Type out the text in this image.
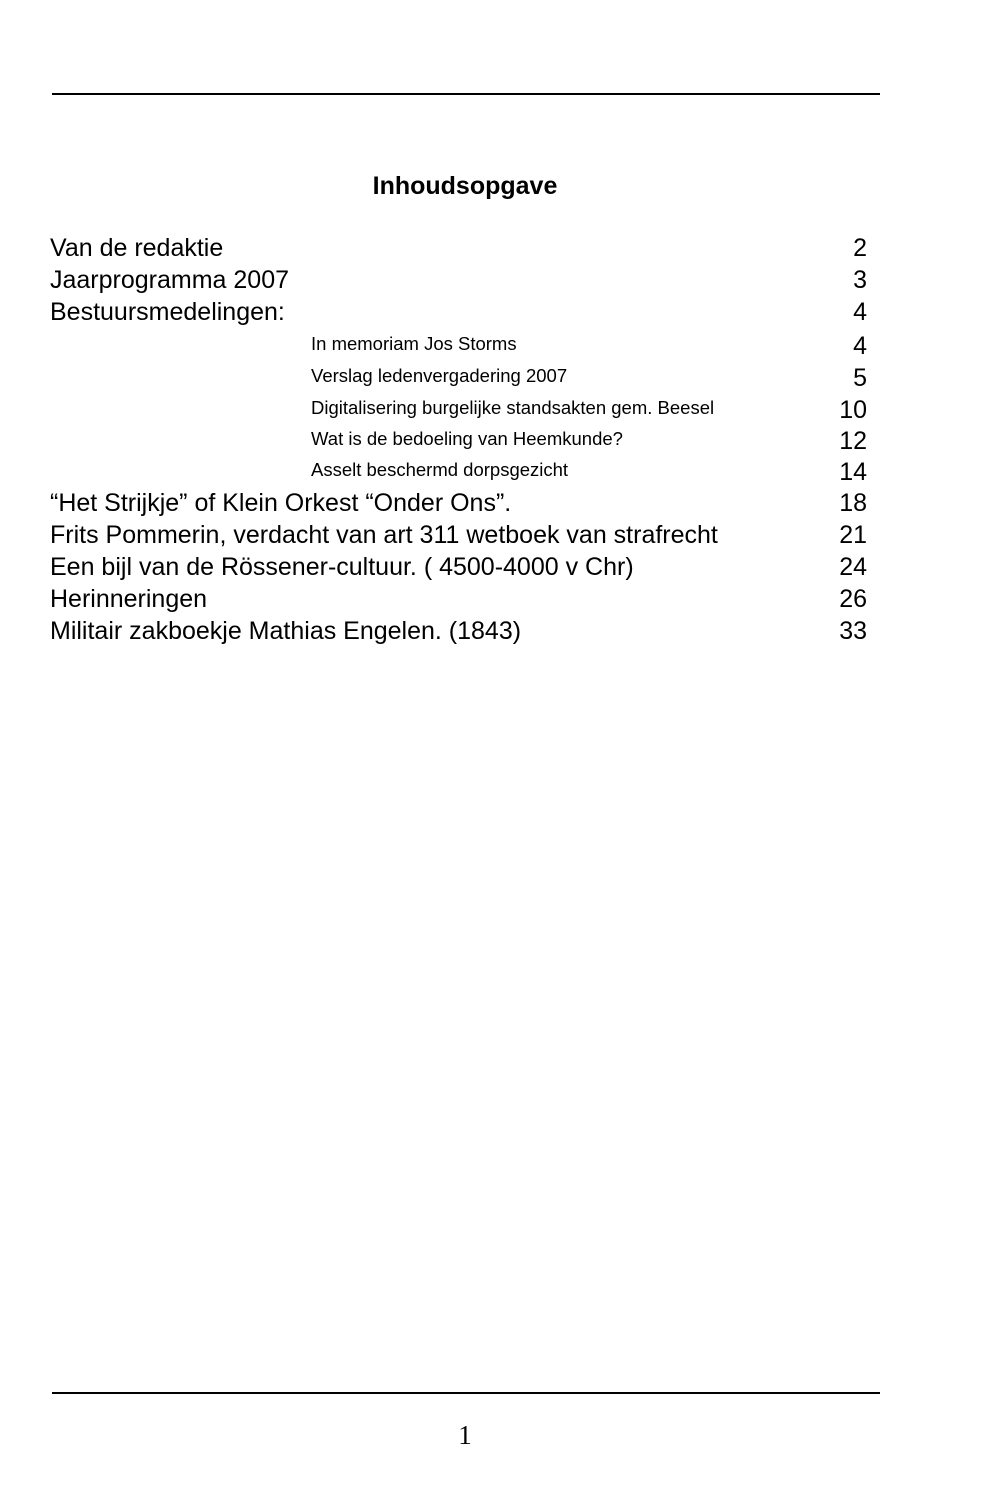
Inhoudsopgave
Van de redaktie	2
Jaarprogramma 2007	3
Bestuursmedelingen:	4
In memoriam Jos Storms	4
Verslag ledenvergadering 2007	5
Digitalisering burgelijke standsakten gem. Beesel	10
Wat is de bedoeling van Heemkunde?	12
Asselt beschermd dorpsgezicht	14
“Het Strijkje” of Klein Orkest “Onder Ons”.	18
Frits Pommerin, verdacht van art 311 wetboek van strafrecht	21
Een bijl van de Rössener-cultuur. ( 4500-4000 v Chr)	24
Herinneringen	26
Militair zakboekje Mathias Engelen. (1843)	33
1
